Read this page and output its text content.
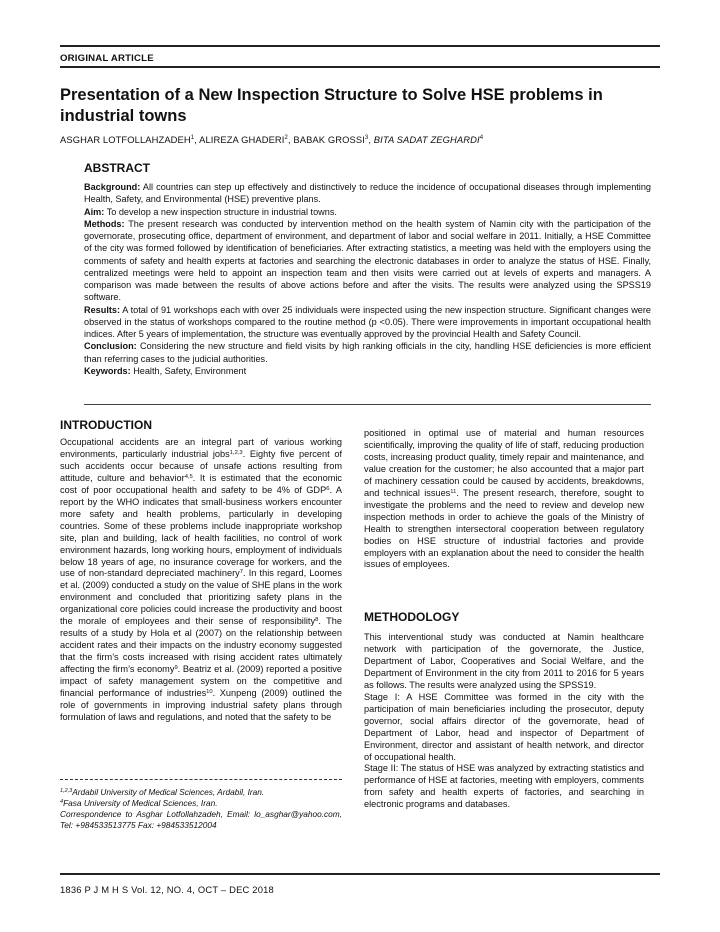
ORIGINAL ARTICLE
Presentation of a New Inspection Structure to Solve HSE problems in industrial towns
ASGHAR LOTFOLLAHZADEH$^1$, ALIREZA GHADERI$^2$, BABAK GROSSI$^3$, BITA SADAT ZEGHARDI$^4$
ABSTRACT

Background: All countries can step up effectively and distinctively to reduce the incidence of occupational diseases through implementing Health, Safety, and Environmental (HSE) preventive plans.

Aim: To develop a new inspection structure in industrial towns.

Methods: The present research was conducted by intervention method on the health system of Namin city with the participation of the governorate, prosecuting office, department of environment, and department of labor and social welfare in 2011. Initially, a HSE Committee of the city was formed followed by identification of beneficiaries. After extracting statistics, a meeting was held with the employers using the comments of safety and health experts at factories and searching the electronic databases in order to analyze the status of HSE. Finally, centralized meetings were held to appoint an inspection team and then visits were carried out at levels of experts and managers. A comparison was made between the results of above actions before and after the visits. The results were analyzed using the SPSS19 software.

Results: A total of 91 workshops each with over 25 individuals were inspected using the new inspection structure. Significant changes were observed in the status of workshops compared to the routine method (p <0.05). There were improvements in important occupational health indices. After 5 years of implementation, the structure was eventually approved by the provincial Health and Safety Council.

Conclusion: Considering the new structure and field visits by high ranking officials in the city, handling HSE deficiencies is more efficient than referring cases to the judicial authorities.

Keywords: Health, Safety, Environment

INTRODUCTION

Occupational accidents are an integral part of various working environments, particularly industrial jobs$^{1,2,3}$. Eighty five percent of such accidents occur because of unsafe actions resulting from attitude, culture and behavior$^{4,5}$. It is estimated that the economic cost of poor occupational health and safety to be 4% of GDP$^6$. A report by the WHO indicates that small-business workers encounter more safety and health problems, particularly in developing countries. Some of these problems include inappropriate workshop site, plan and building, lack of health facilities, no control of work environment hazards, long working hours, employment of individuals below 18 years of age, no insurance coverage for workers, and the use of non-standard depreciated machinery$^7$. In this regard, Loomes et al. (2009) conducted a study on the value of SHE plans in the work environment and concluded that prioritizing safety plans in the organizational core policies could increase the productivity and boost the morale of employees and their sense of responsibility$^8$. The results of a study by Hola et al (2007) on the relationship between accident rates and their impacts on the industry economy suggested that the firm’s costs increased with rising accident rates ultimately affecting the firm’s economy$^9$. Beatriz et al. (2009) reported a positive impact of safety management system on the competitive and financial performance of industries$^{10}$. Xunpeng (2009) outlined the role of governments in improving industrial safety plans through formulation of laws and regulations, and noted that the safety to be

$^{1,2,3}$Ardabil University of Medical Sciences, Ardabil, Iran.
$^4$Fasa University of Medical Sciences, Iran.
Correspondence to Asghar Lotfollahzadeh, Email: lo_asghar@yahoo.com, Tel: +984533513775 Fax: +984533512004

positioned in optimal use of material and human resources scientifically, improving the quality of life of staff, reducing production costs, increasing product quality, timely repair and maintenance, and value creation for the customer; he also accounted that a major part of machinery cessation could be caused by accidents, breakdowns, and technical issues$^{11}$. The present research, therefore, sought to investigate the problems and the need to review and develop new inspection methods in order to achieve the goals of the Ministry of Health to strengthen intersectoral cooperation between regulatory bodies on HSE structure of industrial factories and provide employers with an explanation about the need to consider the health issues of employees.

METHODOLOGY

This interventional study was conducted at Namin healthcare network with participation of the governorate, the Justice, Department of Labor, Cooperatives and Social Welfare, and the Department of Environment in the city from 2011 to 2016 for 5 years as follows. The results were analyzed using the SPSS19.

Stage I: A HSE Committee was formed in the city with the participation of main beneficiaries including the prosecutor, deputy governor, social affairs director of the governorate, head of Department of Labor, head and inspector of Department of Environment, director and assistant of health network, and director of occupational health.

Stage II: The status of HSE was analyzed by extracting statistics and performance of HSE at factories, meeting with employers, comments from safety and health experts of factories, and searching in electronic programs and databases.

1836 P J M H S Vol. 12, NO. 4, OCT – DEC 2018
